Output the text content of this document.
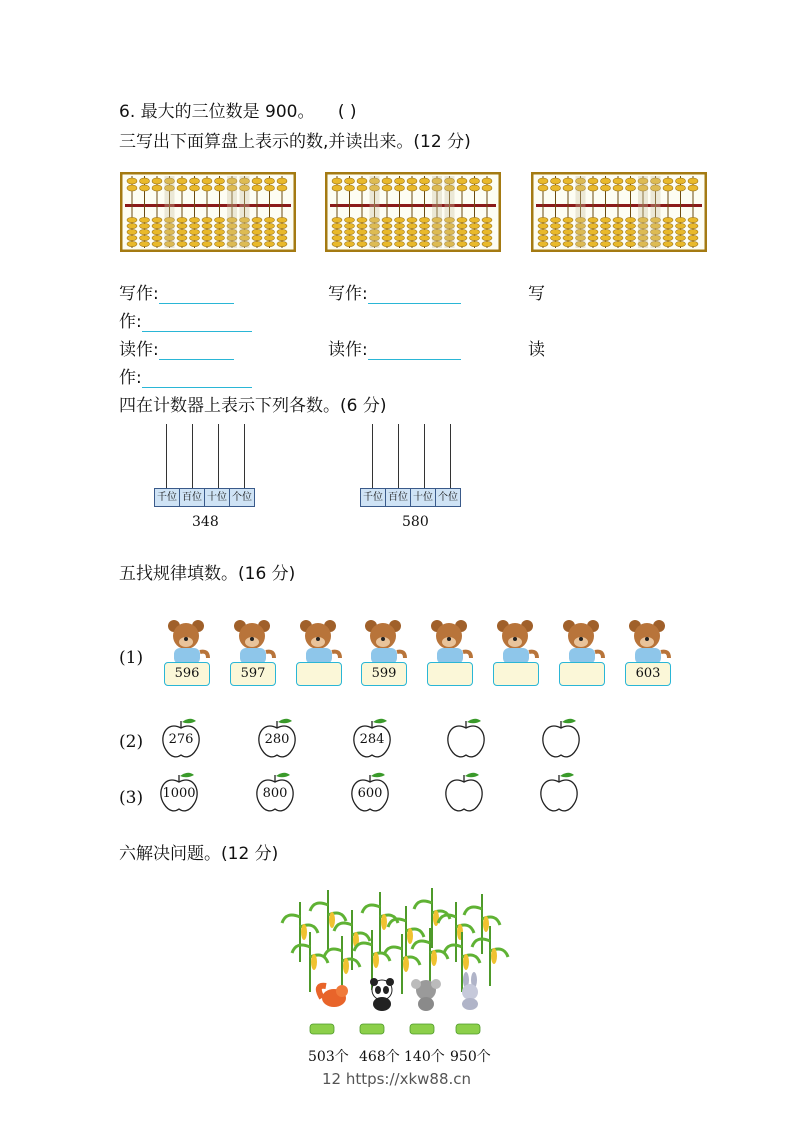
6. 最大的三位数是 900。 ( )
三写出下面算盘上表示的数,并读出来。(12 分)
写作:	写作:	写
作:
读作:	读作:	读
作:
四在计数器上表示下列各数。(6 分)
千位 百位 十位 个位
348
千位 百位 十位 个位
580
五找规律填数。(16 分)
(1)
596	597	599	603
(2)	276	280	284
(3)	1000	800	600
六解决问题。(12 分)
503个 468个 140个 950个
12 https://xkw88.cn
